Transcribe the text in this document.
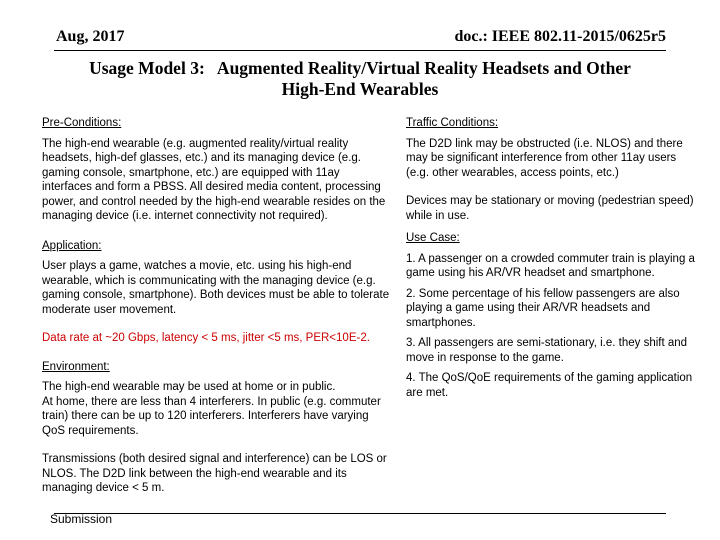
Aug, 2017	doc.: IEEE 802.11-2015/0625r5
Usage Model 3:   Augmented Reality/Virtual Reality Headsets and Other
High-End Wearables
Pre-Conditions:
The high-end wearable (e.g. augmented reality/virtual reality headsets, high-def glasses, etc.) and its managing device (e.g. gaming console, smartphone, etc.) are equipped with 11ay interfaces and form a PBSS. All desired media content, processing power, and control needed by the high-end wearable resides on the managing device (i.e. internet connectivity not required).
Application:
User plays a game, watches a movie, etc. using his high-end wearable, which is communicating with the managing device (e.g. gaming console, smartphone). Both devices must be able to tolerate moderate user movement.
Data rate at ~20 Gbps, latency < 5 ms, jitter <5 ms, PER<10E-2.
Environment:
The high-end wearable may be used at home or in public.
At home, there are less than 4 interferers. In public (e.g. commuter train) there can be up to 120 interferers. Interferers have varying QoS requirements.
Transmissions (both desired signal and interference) can be LOS or NLOS. The D2D link between the high-end wearable and its managing device < 5 m.
Traffic Conditions:
The D2D link may be obstructed (i.e. NLOS) and there may be significant interference from other 11ay users (e.g. other wearables, access points, etc.)
Devices may be stationary or moving (pedestrian speed) while in use.
Use Case:
1. A passenger on a crowded commuter train is playing a game using his AR/VR headset and smartphone.
2. Some percentage of his fellow passengers are also playing a game using their AR/VR headsets and smartphones.
3. All passengers are semi-stationary, i.e. they shift and move in response to the game.
4. The QoS/QoE requirements of the gaming application are met.
Submission
